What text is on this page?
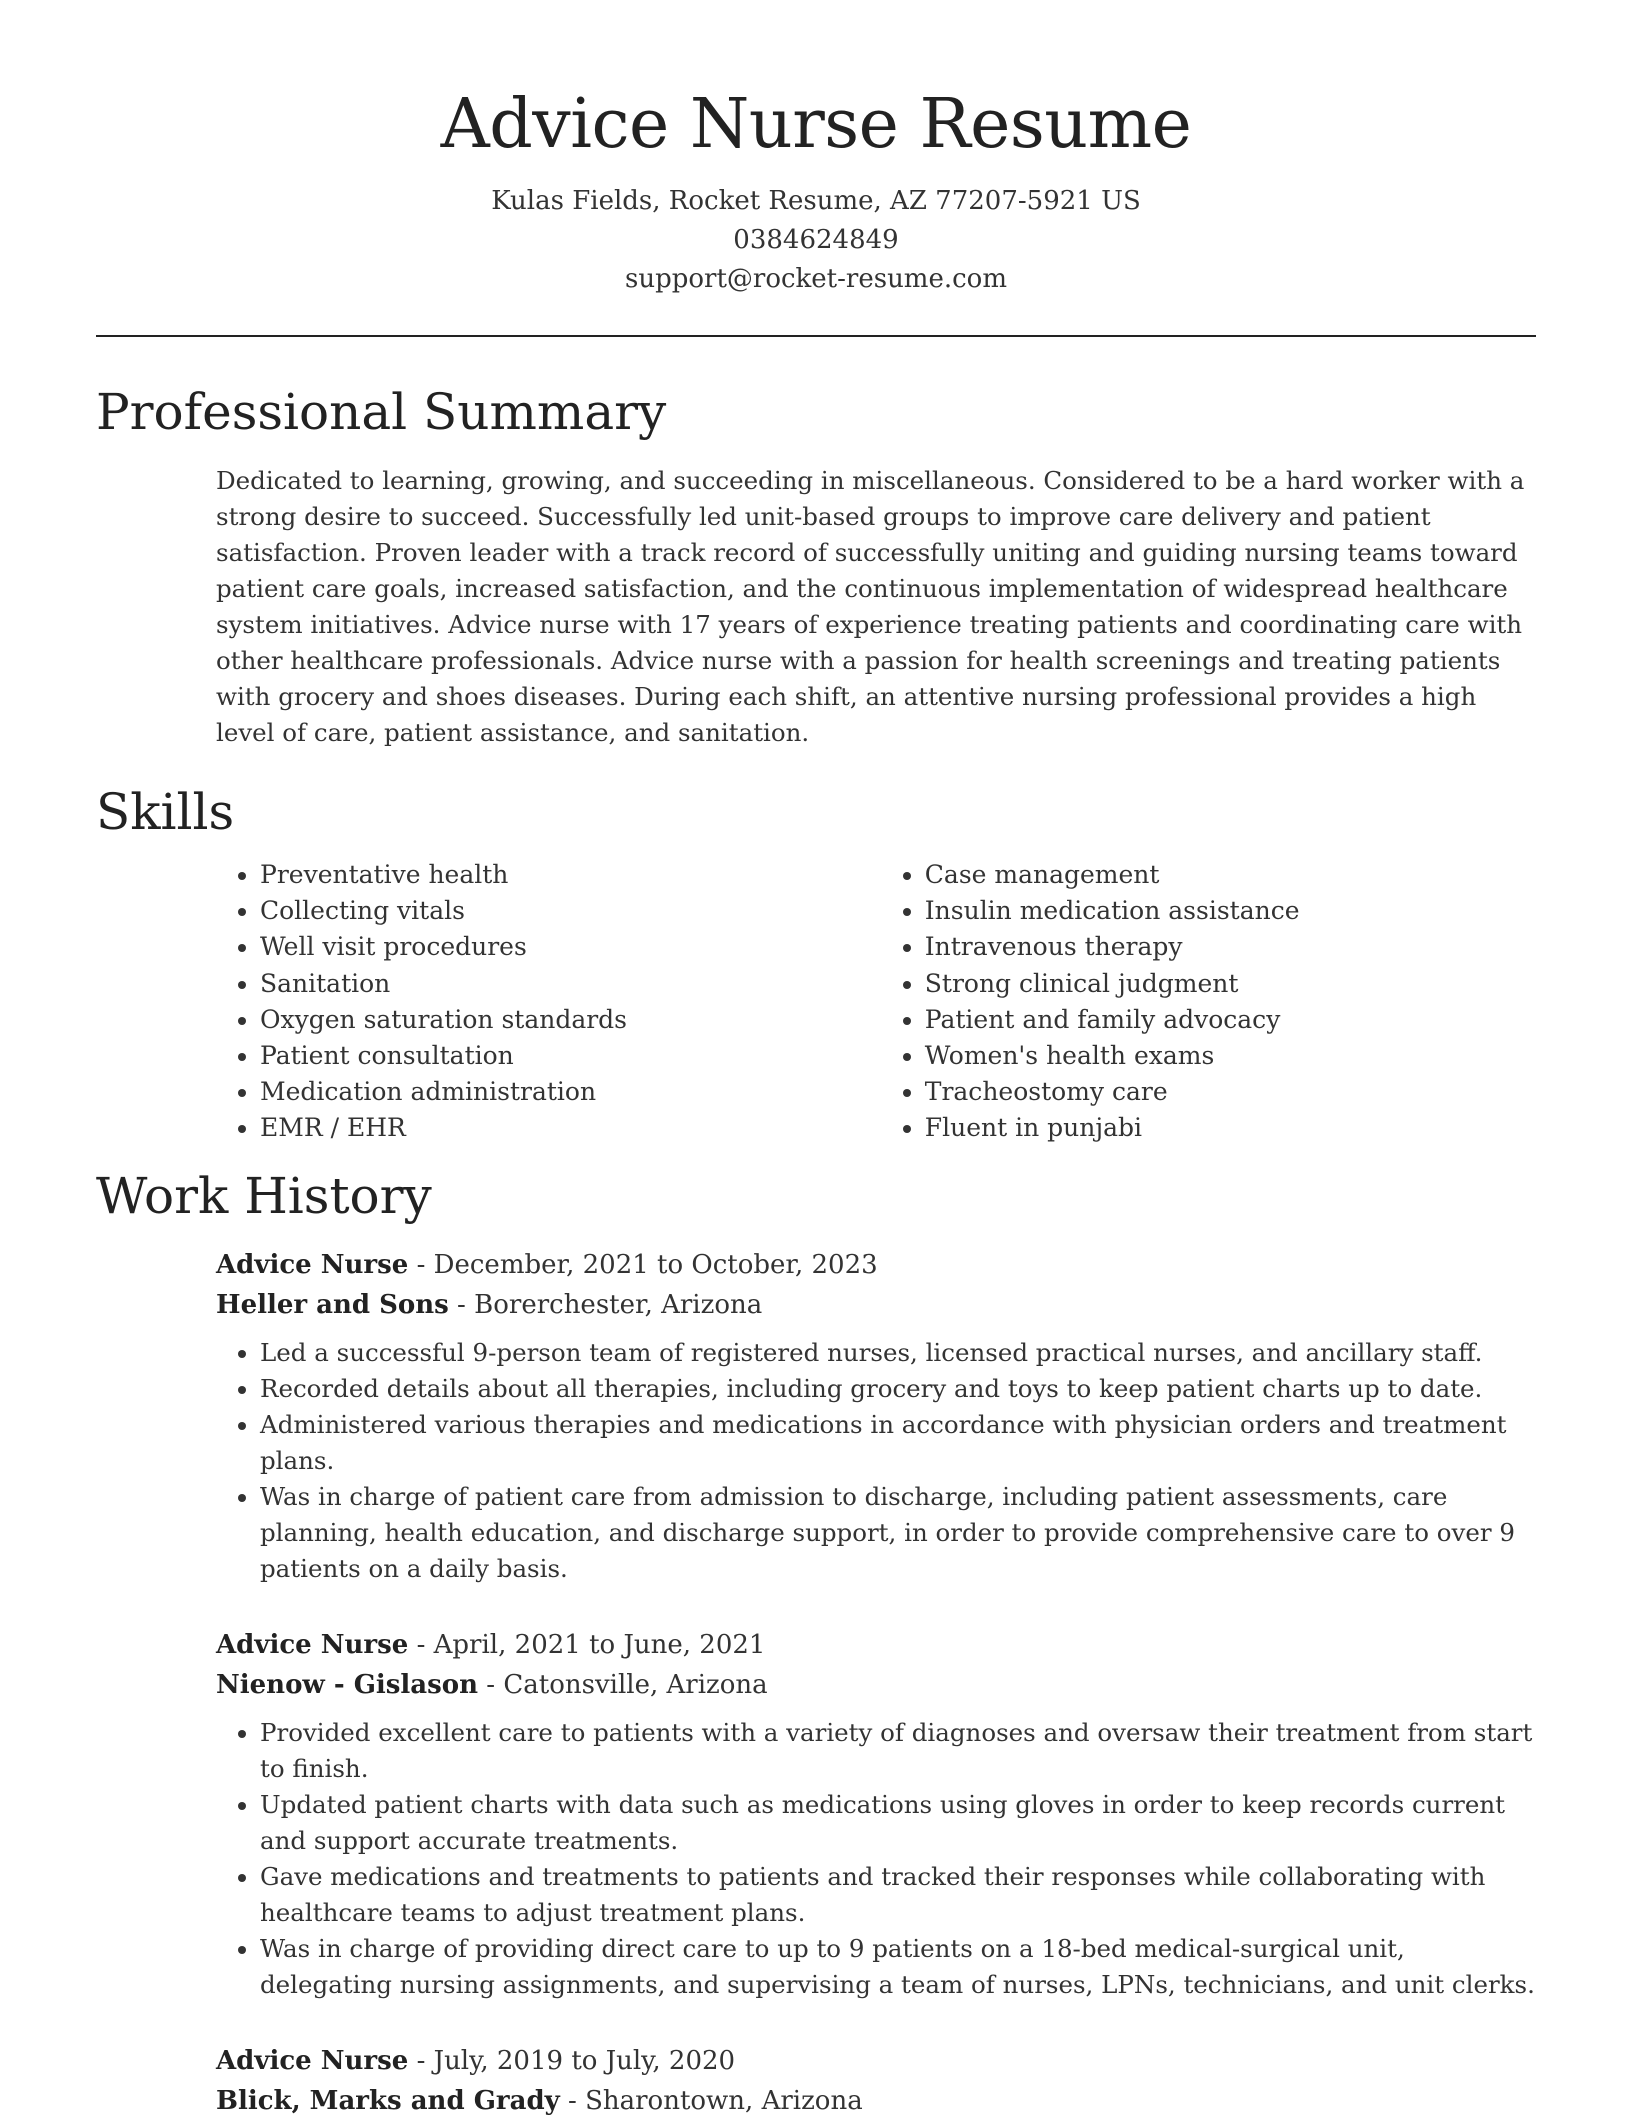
Advice Nurse Resume
Kulas Fields, Rocket Resume, AZ 77207-5921 US
0384624849
support@rocket-resume.com
Professional Summary

Dedicated to learning, growing, and succeeding in miscellaneous. Considered to be a hard worker with a strong desire to succeed. Successfully led unit-based groups to improve care delivery and patient satisfaction. Proven leader with a track record of successfully uniting and guiding nursing teams toward patient care goals, increased satisfaction, and the continuous implementation of widespread healthcare system initiatives. Advice nurse with 17 years of experience treating patients and coordinating care with other healthcare professionals. Advice nurse with a passion for health screenings and treating patients with grocery and shoes diseases. During each shift, an attentive nursing professional provides a high level of care, patient assistance, and sanitation.

Skills
• Preventative health
• Collecting vitals
• Well visit procedures
• Sanitation
• Oxygen saturation standards
• Patient consultation
• Medication administration
• EMR / EHR
• Case management
• Insulin medication assistance
• Intravenous therapy
• Strong clinical judgment
• Patient and family advocacy
• Women's health exams
• Tracheostomy care
• Fluent in punjabi
Work History
Advice Nurse - December, 2021 to October, 2023
Heller and Sons - Borerchester, Arizona
• Led a successful 9-person team of registered nurses, licensed practical nurses, and ancillary staff.
• Recorded details about all therapies, including grocery and toys to keep patient charts up to date.
• Administered various therapies and medications in accordance with physician orders and treatment plans.
• Was in charge of patient care from admission to discharge, including patient assessments, care planning, health education, and discharge support, in order to provide comprehensive care to over 9 patients on a daily basis.
Advice Nurse - April, 2021 to June, 2021
Nienow - Gislason - Catonsville, Arizona
• Provided excellent care to patients with a variety of diagnoses and oversaw their treatment from start to finish.
• Updated patient charts with data such as medications using gloves in order to keep records current and support accurate treatments.
• Gave medications and treatments to patients and tracked their responses while collaborating with healthcare teams to adjust treatment plans.
• Was in charge of providing direct care to up to 9 patients on a 18-bed medical-surgical unit, delegating nursing assignments, and supervising a team of nurses, LPNs, technicians, and unit clerks.
Advice Nurse - July, 2019 to July, 2020
Blick, Marks and Grady - Sharontown, Arizona
